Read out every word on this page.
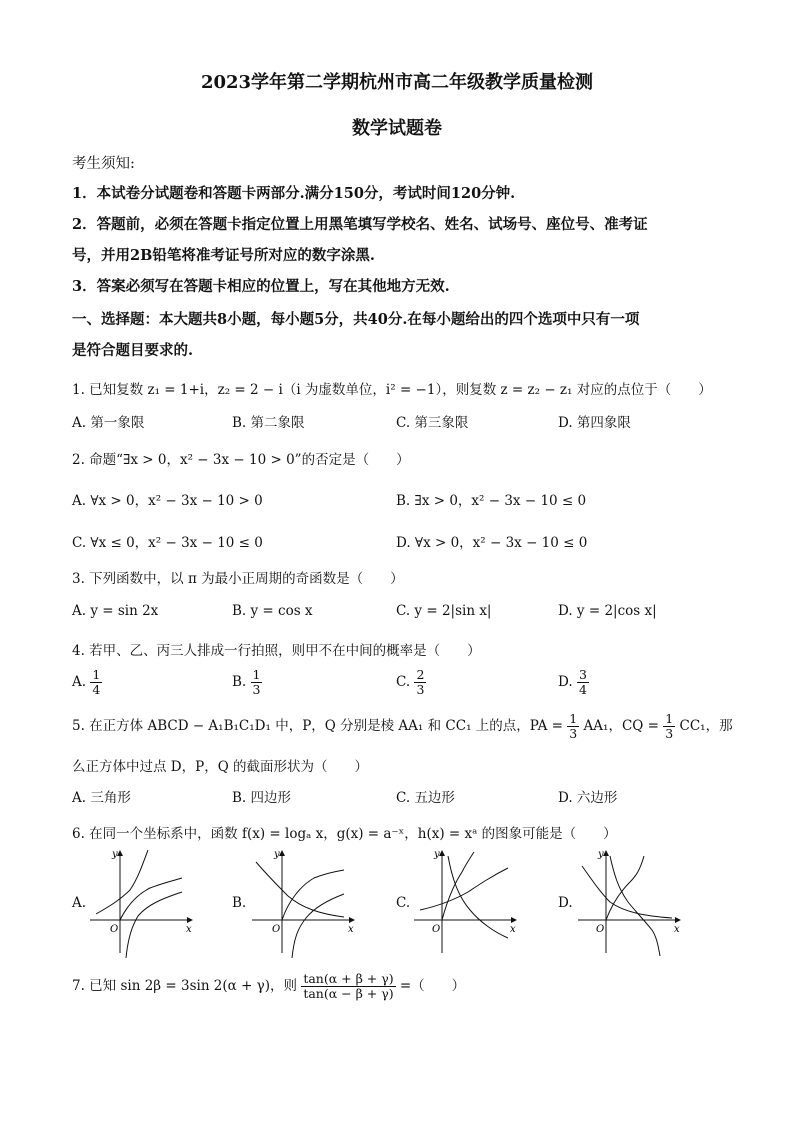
2023学年第二学期杭州市高二年级教学质量检测
数学试题卷
考生须知:
1．本试卷分试题卷和答题卡两部分.满分150分，考试时间120分钟.
2．答题前，必须在答题卡指定位置上用黑笔填写学校名、姓名、试场号、座位号、准考证
号，并用2B铅笔将准考证号所对应的数字涂黑.
3．答案必须写在答题卡相应的位置上，写在其他地方无效.
一、选择题：本大题共8小题，每小题5分，共40分.在每小题给出的四个选项中只有一项
是符合题目要求的.
1. 已知复数 z₁ = 1+i，z₂ = 2 − i（i 为虚数单位，i² = −1），则复数 z = z₂ − z₁ 对应的点位于（　　）
A. 第一象限	B. 第二象限	C. 第三象限	D. 第四象限
2. 命题“∃x > 0，x² − 3x − 10 > 0”的否定是（　　）
A. ∀x > 0，x² − 3x − 10 > 0	B. ∃x > 0，x² − 3x − 10 ≤ 0
C. ∀x ≤ 0，x² − 3x − 10 ≤ 0	D. ∀x > 0，x² − 3x − 10 ≤ 0
3. 下列函数中，以 π 为最小正周期的奇函数是（　　）
A. y = sin 2x	B. y = cos x	C. y = 2|sin x|	D. y = 2|cos x|
4. 若甲、乙、丙三人排成一行拍照，则甲不在中间的概率是（　　）
A. $\frac{1}{4}$	B. $\frac{1}{3}$	C. $\frac{2}{3}$	D. $\frac{3}{4}$
5. 在正方体 ABCD − A₁B₁C₁D₁ 中，P，Q 分别是棱 AA₁ 和 CC₁ 上的点，PA = $\frac{1}{3} AA_1$，CQ = $\frac{1}{3} CC_1$，那
么正方体中过点 D，P，Q 的截面形状为（　　）
A. 三角形	B. 四边形	C. 五边形	D. 六边形
6. 在同一个坐标系中，函数 f(x) = logₐ x，g(x) = a⁻ˣ，h(x) = xᵃ 的图象可能是（　　）
A.	B.	C.	D.
y
x
O
y
x
O
y
x
O
y
x
O
7. 已知 sin 2β = 3sin 2(α + γ)，则 $\frac{\tan(\alpha + \beta + \gamma)}{\tan(\alpha - \beta + \gamma)}$ =（　　）
